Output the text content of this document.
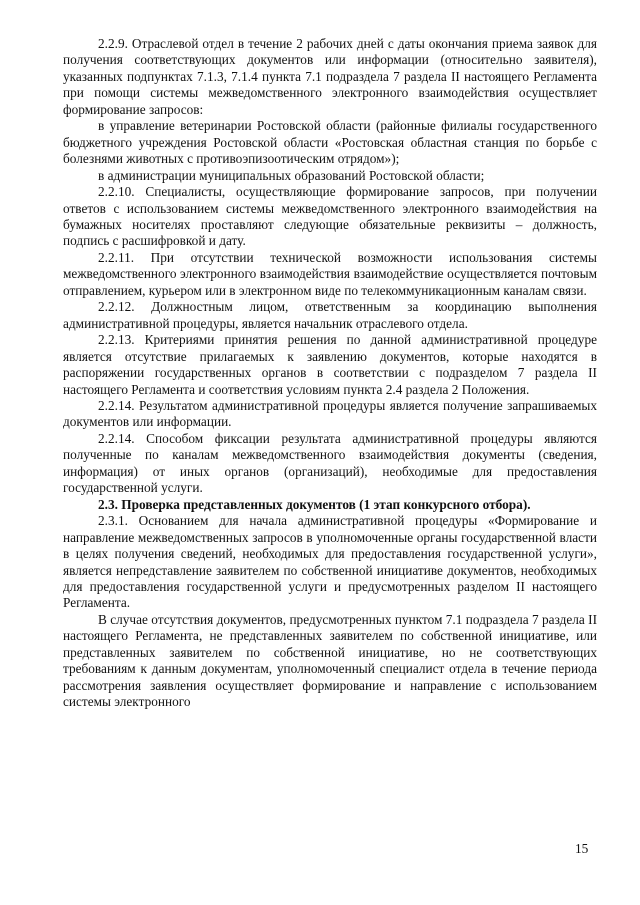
2.2.9. Отраслевой отдел в течение 2 рабочих дней с даты окончания приема заявок для получения соответствующих документов или информации (относительно заявителя), указанных подпунктах 7.1.3, 7.1.4 пункта 7.1 подраздела 7 раздела II настоящего Регламента при помощи системы межведомственного электронного взаимодействия осуществляет формирование запросов:

в управление ветеринарии Ростовской области (районные филиалы государственного бюджетного учреждения Ростовской области «Ростовская областная станция по борьбе с болезнями животных с противоэпизоотическим отрядом»);

в администрации муниципальных образований Ростовской области;

2.2.10. Специалисты, осуществляющие формирование запросов, при получении ответов с использованием системы межведомственного электронного взаимодействия на бумажных носителях проставляют следующие обязательные реквизиты – должность, подпись с расшифровкой и дату.

2.2.11. При отсутствии технической возможности использования системы межведомственного электронного взаимодействия взаимодействие осуществляется почтовым отправлением, курьером или в электронном виде по телекоммуникационным каналам связи.

2.2.12. Должностным лицом, ответственным за координацию выполнения административной процедуры, является начальник отраслевого отдела.

2.2.13. Критериями принятия решения по данной административной процедуре является отсутствие прилагаемых к заявлению документов, которые находятся в распоряжении государственных органов в соответствии с подразделом 7 раздела II настоящего Регламента и соответствия условиям пункта 2.4 раздела 2 Положения.

2.2.14. Результатом административной процедуры является получение запрашиваемых документов или информации.

2.2.14. Способом фиксации результата административной процедуры являются полученные по каналам межведомственного взаимодействия документы (сведения, информация) от иных органов (организаций), необходимые для предоставления государственной услуги.

2.3. Проверка представленных документов (1 этап конкурсного отбора).

2.3.1. Основанием для начала административной процедуры «Формирование и направление межведомственных запросов в уполномоченные органы государственной власти в целях получения сведений, необходимых для предоставления государственной услуги», является непредставление заявителем по собственной инициативе документов, необходимых для предоставления государственной услуги и предусмотренных разделом II настоящего Регламента.

В случае отсутствия документов, предусмотренных пунктом 7.1 подраздела 7 раздела II настоящего Регламента, не представленных заявителем по собственной инициативе, или представленных заявителем по собственной инициативе, но не соответствующих требованиям к данным документам, уполномоченный специалист отдела в течение периода рассмотрения заявления осуществляет формирование и направление с использованием системы электронного

15
